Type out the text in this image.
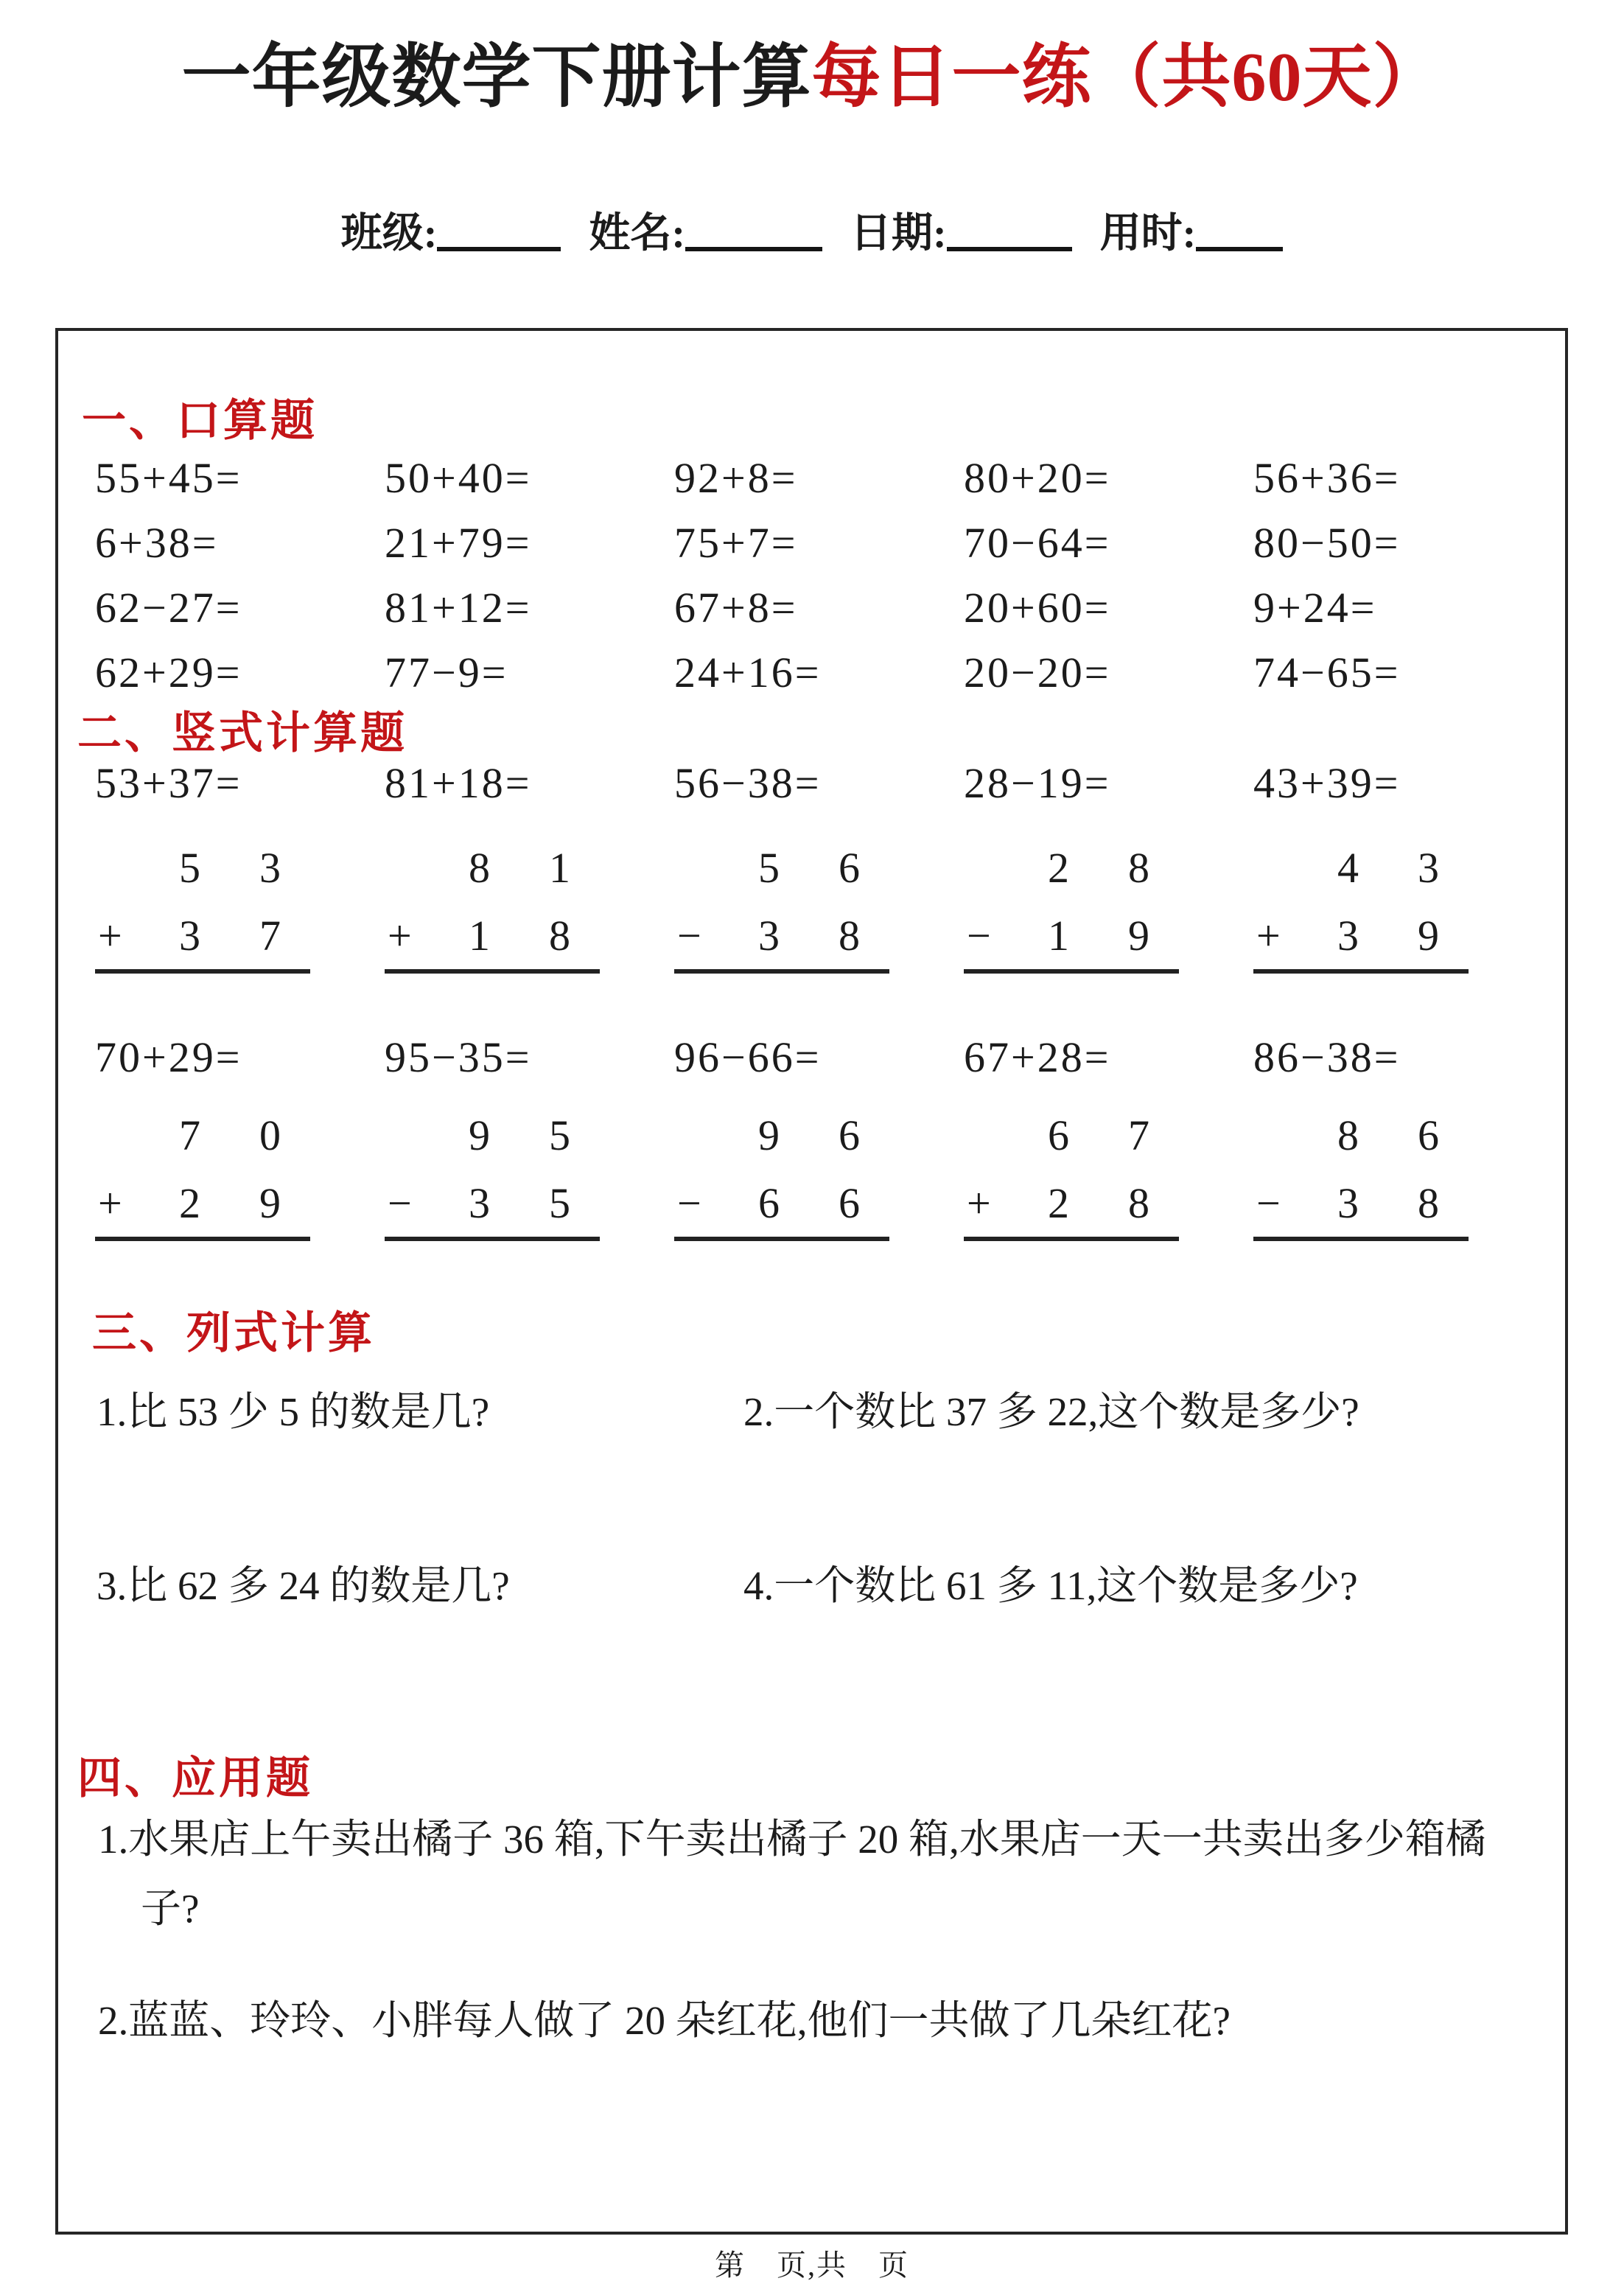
一年级数学下册计算每日一练（共60天）
班级:	姓名:	日期:	用时:
一、口算题
55+45=	50+40=	92+8=	80+20=	56+36=
6+38=	21+79=	75+7=	70−64=	80−50=
62−27=	81+12=	67+8=	20+60=	9+24=
62+29=	77−9=	24+16=	20−20=	74−65=
二、竖式计算题
53+37=	81+18=	56−38=	28−19=	43+39=
5	3
+	3	7
8	1
+	1	8
5	6
−	3	8
2	8
−	1	9
4	3
+	3	9
70+29=	95−35=	96−66=	67+28=	86−38=
7	0
+	2	9
9	5
−	3	5
9	6
−	6	6
6	7
+	2	8
8	6
−	3	8
三、列式计算
1.比 53 少 5 的数是几?	2.一个数比 37 多 22,这个数是多少?
3.比 62 多 24 的数是几?	4.一个数比 61 多 11,这个数是多少?
四、应用题
1.水果店上午卖出橘子 36 箱,下午卖出橘子 20 箱,水果店一天一共卖出多少箱橘子?
2.蓝蓝、玲玲、小胖每人做了 20 朵红花,他们一共做了几朵红花?
第　页,共　页
